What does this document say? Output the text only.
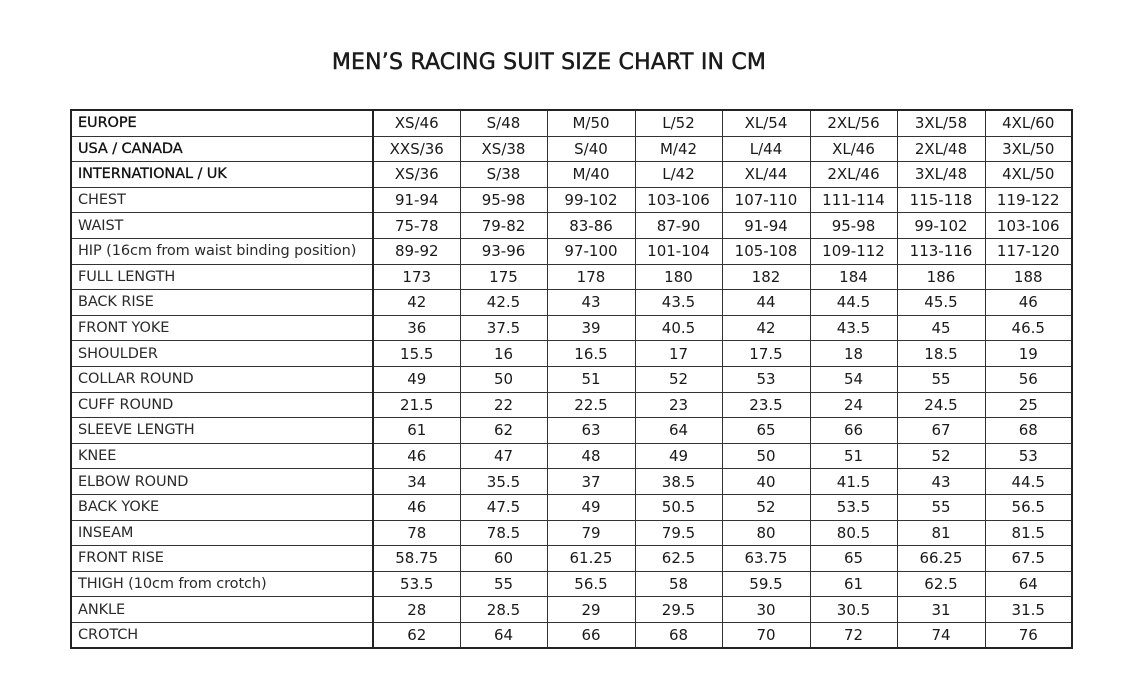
MEN’S RACING SUIT SIZE CHART IN CM
EUROPE	XS/46	S/48	M/50	L/52	XL/54	2XL/56	3XL/58	4XL/60
USA / CANADA	XXS/36	XS/38	S/40	M/42	L/44	XL/46	2XL/48	3XL/50
INTERNATIONAL / UK	XS/36	S/38	M/40	L/42	XL/44	2XL/46	3XL/48	4XL/50
CHEST	91-94	95-98	99-102	103-106	107-110	111-114	115-118	119-122
WAIST	75-78	79-82	83-86	87-90	91-94	95-98	99-102	103-106
HIP (16cm from waist binding position)	89-92	93-96	97-100	101-104	105-108	109-112	113-116	117-120
FULL LENGTH	173	175	178	180	182	184	186	188
BACK RISE	42	42.5	43	43.5	44	44.5	45.5	46
FRONT YOKE	36	37.5	39	40.5	42	43.5	45	46.5
SHOULDER	15.5	16	16.5	17	17.5	18	18.5	19
COLLAR ROUND	49	50	51	52	53	54	55	56
CUFF ROUND	21.5	22	22.5	23	23.5	24	24.5	25
SLEEVE LENGTH	61	62	63	64	65	66	67	68
KNEE	46	47	48	49	50	51	52	53
ELBOW ROUND	34	35.5	37	38.5	40	41.5	43	44.5
BACK YOKE	46	47.5	49	50.5	52	53.5	55	56.5
INSEAM	78	78.5	79	79.5	80	80.5	81	81.5
FRONT RISE	58.75	60	61.25	62.5	63.75	65	66.25	67.5
THIGH (10cm from crotch)	53.5	55	56.5	58	59.5	61	62.5	64
ANKLE	28	28.5	29	29.5	30	30.5	31	31.5
CROTCH	62	64	66	68	70	72	74	76
